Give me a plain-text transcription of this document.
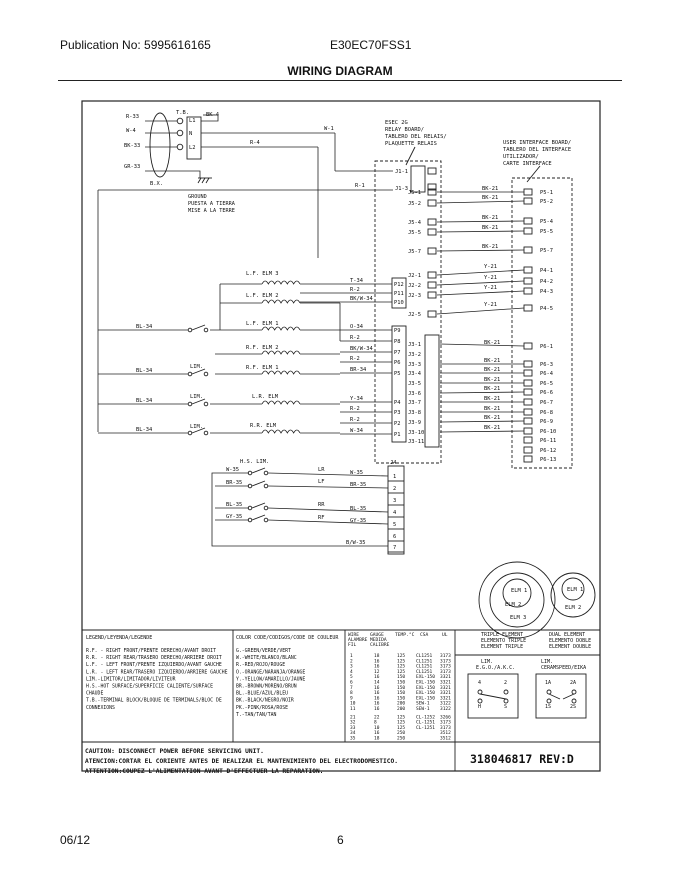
Publication No: 5995616165	E30EC70FSS1
WIRING DIAGRAM
T.B.	BK-4
L1
N
L2
R-33
W-4
BK-33
GR-33
B.X.
GROUND
PUESTA A TIERRA
MISE A LA TERRE
W-1
R-4
R-1
ESEC 2G
RELAY BOARD/
TABLERO DEL RELAIS/
PLAQUETTE RELAIS	USER INTERFACE BOARD/
TABLERO DEL INTERFACE
UTILIZADOR/
CARTE INTERFACE
J1-1
J1-3
J5-1
J5-2
J5-4
J5-5
J5-7
BK-21
P5-1
BK-21
P5-2
BK-21
P5-4
BK-21
P5-5
BK-21
P5-7
J2-1
Y-21
P4-1
J2-2
Y-21
P4-2
J2-3
Y-21
P4-3
J2-5
Y-21
P4-5
P12
T-34
P11
R-2
P10
BK/W-34
P9
O-34
P8
R-2
P7
BK/W-34
P6
R-2
P5
BR-34
P4
Y-34
P3
R-2
P2
R-2
P1
W-34
L.F. ELM 3
L.F. ELM 2
L.F. ELM 1
R.F. ELM 2
R.F. ELM 1
L.R. ELM
R.R. ELM
LIM.
LIM.
LIM.
BL-34
BL-34
BL-34
BL-34
J3-1
J3-2
J3-3
J3-4
J3-5
J3-6
J3-7
J3-8
J3-9
J3-10
J3-11
BK-21
BK-21
BK-21
BK-21
BK-21
BK-21
BK-21
BK-21
BK-21
P6-1
P6-3
P6-4
P6-5
P6-6
P6-7
P6-8
P6-9
P6-10
P6-11
P6-12
P6-13
H.S. LIM.	J4
1
2
3
4
5
6
7
W-35	LR	W-35
BR-35	LF	BR-35
BL-35	RR
BL-35
GY-35	RF	GY-35
B/W-35
ELM 1
ELM 2
ELM 3
ELM 1
ELM 2
LEGEND/LEYENDA/LEGENDE
R.F. - RIGHT FRONT/FRENTE DERECHO/AVANT DROIT
R.R. - RIGHT REAR/TRASERO DERECHO/ARRIERE DROIT
L.F. - LEFT FRONT/FRENTE IZQUIERDO/AVANT GAUCHE
L.R. - LEFT REAR/TRASERO IZQUIERDO/ARRIERE GAUCHE
LIM.-LIMITOR/LIMITADOR/LIVITEUR
H.S.-HOT SURFACE/SUPERFICIE CALIENTE/SURFACE
CHAUDE
T.B.-TERMINAL BLOCK/BLOQUE DE TERMINALS/BLOC DE
CONNEXIONS
COLOR CODE/CODIGOS/CODE DE COULEUR
G.-GREEN/VERDE/VERT
W.-WHITE/BLANCO/BLANC
R.-RED/ROJO/ROUGE
O.-ORANGE/NARANJA/ORANGE
Y.-YELLOW/AMARILLO/JAUNE
BR.-BROWN/MORENO/BRUN
BL.-BLUE/AZUL/BLEU
BK.-BLACK/NEGRO/NOIR
PK.-PINK/ROSA/ROSE
T.-TAN/TAN/TAN
WIRE
ALAMBRE
FIL
GAUGE
MEDIDA
CALIBRE
TEMP.°C CSA	UL
1	18	125 CL1251 3173
2	16	125 CL1251 3173
3	16	125 CL1251 3173
4	12	125 CL1251 3173
5	16	150 EXL-150 3321
6	14	150 EXL-150 3321
7	16	150 EXL-150 3321
8	16	150 EXL-150 3321
9	16	150 EXL-150 3321
10	16	200 SEW-1 3122
11	16	200 SEW-1 3122
21	22	125 CL-1252 3266
32	8	125 CL-1251 3173
33	10	125 CL-1251 3173
34	16	250	3512
35	18	250	3512
TRIPLE ELEMENT
ELEMENTO TRIPLE
ELEMENT TRIPLE
DUAL ELEMENT
ELEMENTO DOBLE
ELEMENT DOUBLE
LIM.
E.G.O./A.K.C.
LIM.
CERAMSPEED/EIKA
4	2
H	S
1A	2A
1S	2S
CAUTION: DISCONNECT POWER BEFORE SERVICING UNIT.
ATENCION:CORTAR EL CORIENTE ANTES DE REALIZAR EL MANTENIMIENTO DEL ELECTRODOMESTICO.
ATTENTION:COUPEZ L'ALIMENTATION AVANT D'EFFECTUER LA REPARATION.
318046817 REV:D
06/12	6
